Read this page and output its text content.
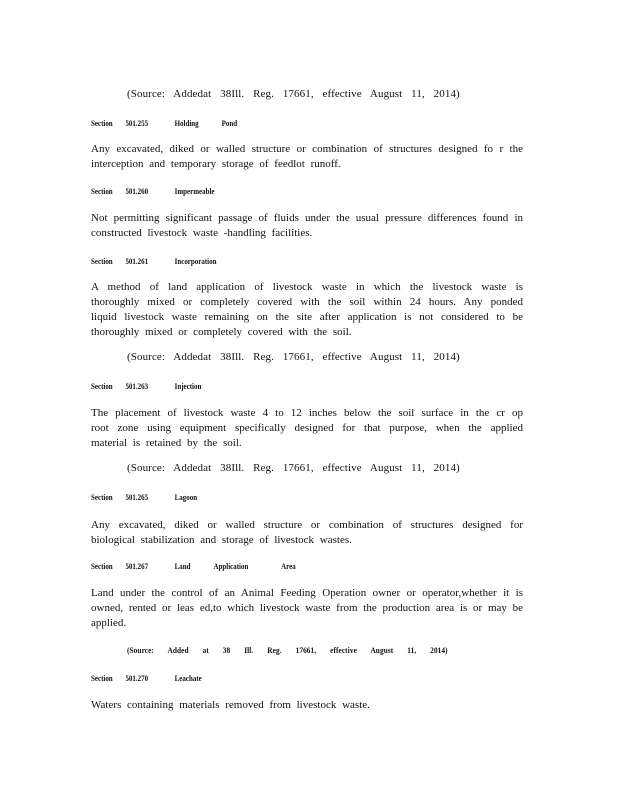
(Source: Addedat 38Ill. Reg. 17661, effective August 11, 2014)
Section	501.255	Holding	Pond
Any excavated, diked or walled structure or combination of structures designed fo r the interception and temporary storage of feedlot runoff.
Section	501.260	Impermeable
Not permitting significant passage of fluids under the usual pressure differences found in constructed livestock waste -handling facilities.
Section	501.261	Incorporation
A method of land application of livestock waste in which the livestock waste is thoroughly mixed or completely covered with the soil within 24 hours. Any ponded liquid livestock waste remaining on the site after application is not considered to be thoroughly mixed or completely covered with the soil.
(Source: Addedat 38Ill. Reg. 17661, effective August 11, 2014)
Section	501.263	Injection
The placement of livestock waste 4 to 12 inches below the soil surface in the cr op root zone using equipment specifically designed for that purpose, when the applied material is retained by the soil.
(Source: Addedat 38Ill. Reg. 17661, effective August 11, 2014)
Section	501.265	Lagoon
Any excavated, diked or walled structure or combination of structures designed for biological stabilization and storage of livestock wastes.
Section	501.267	Land	Application	Area
Land under the control of an Animal Feeding Operation owner or operator,whether it is owned, rented or leas ed,to which livestock waste from the production area is or may be applied.
(Source: Added at 38 Ill. Reg. 17661, effective August 11, 2014)
Section	501.270	Leachate
Waters containing materials removed from livestock waste.
